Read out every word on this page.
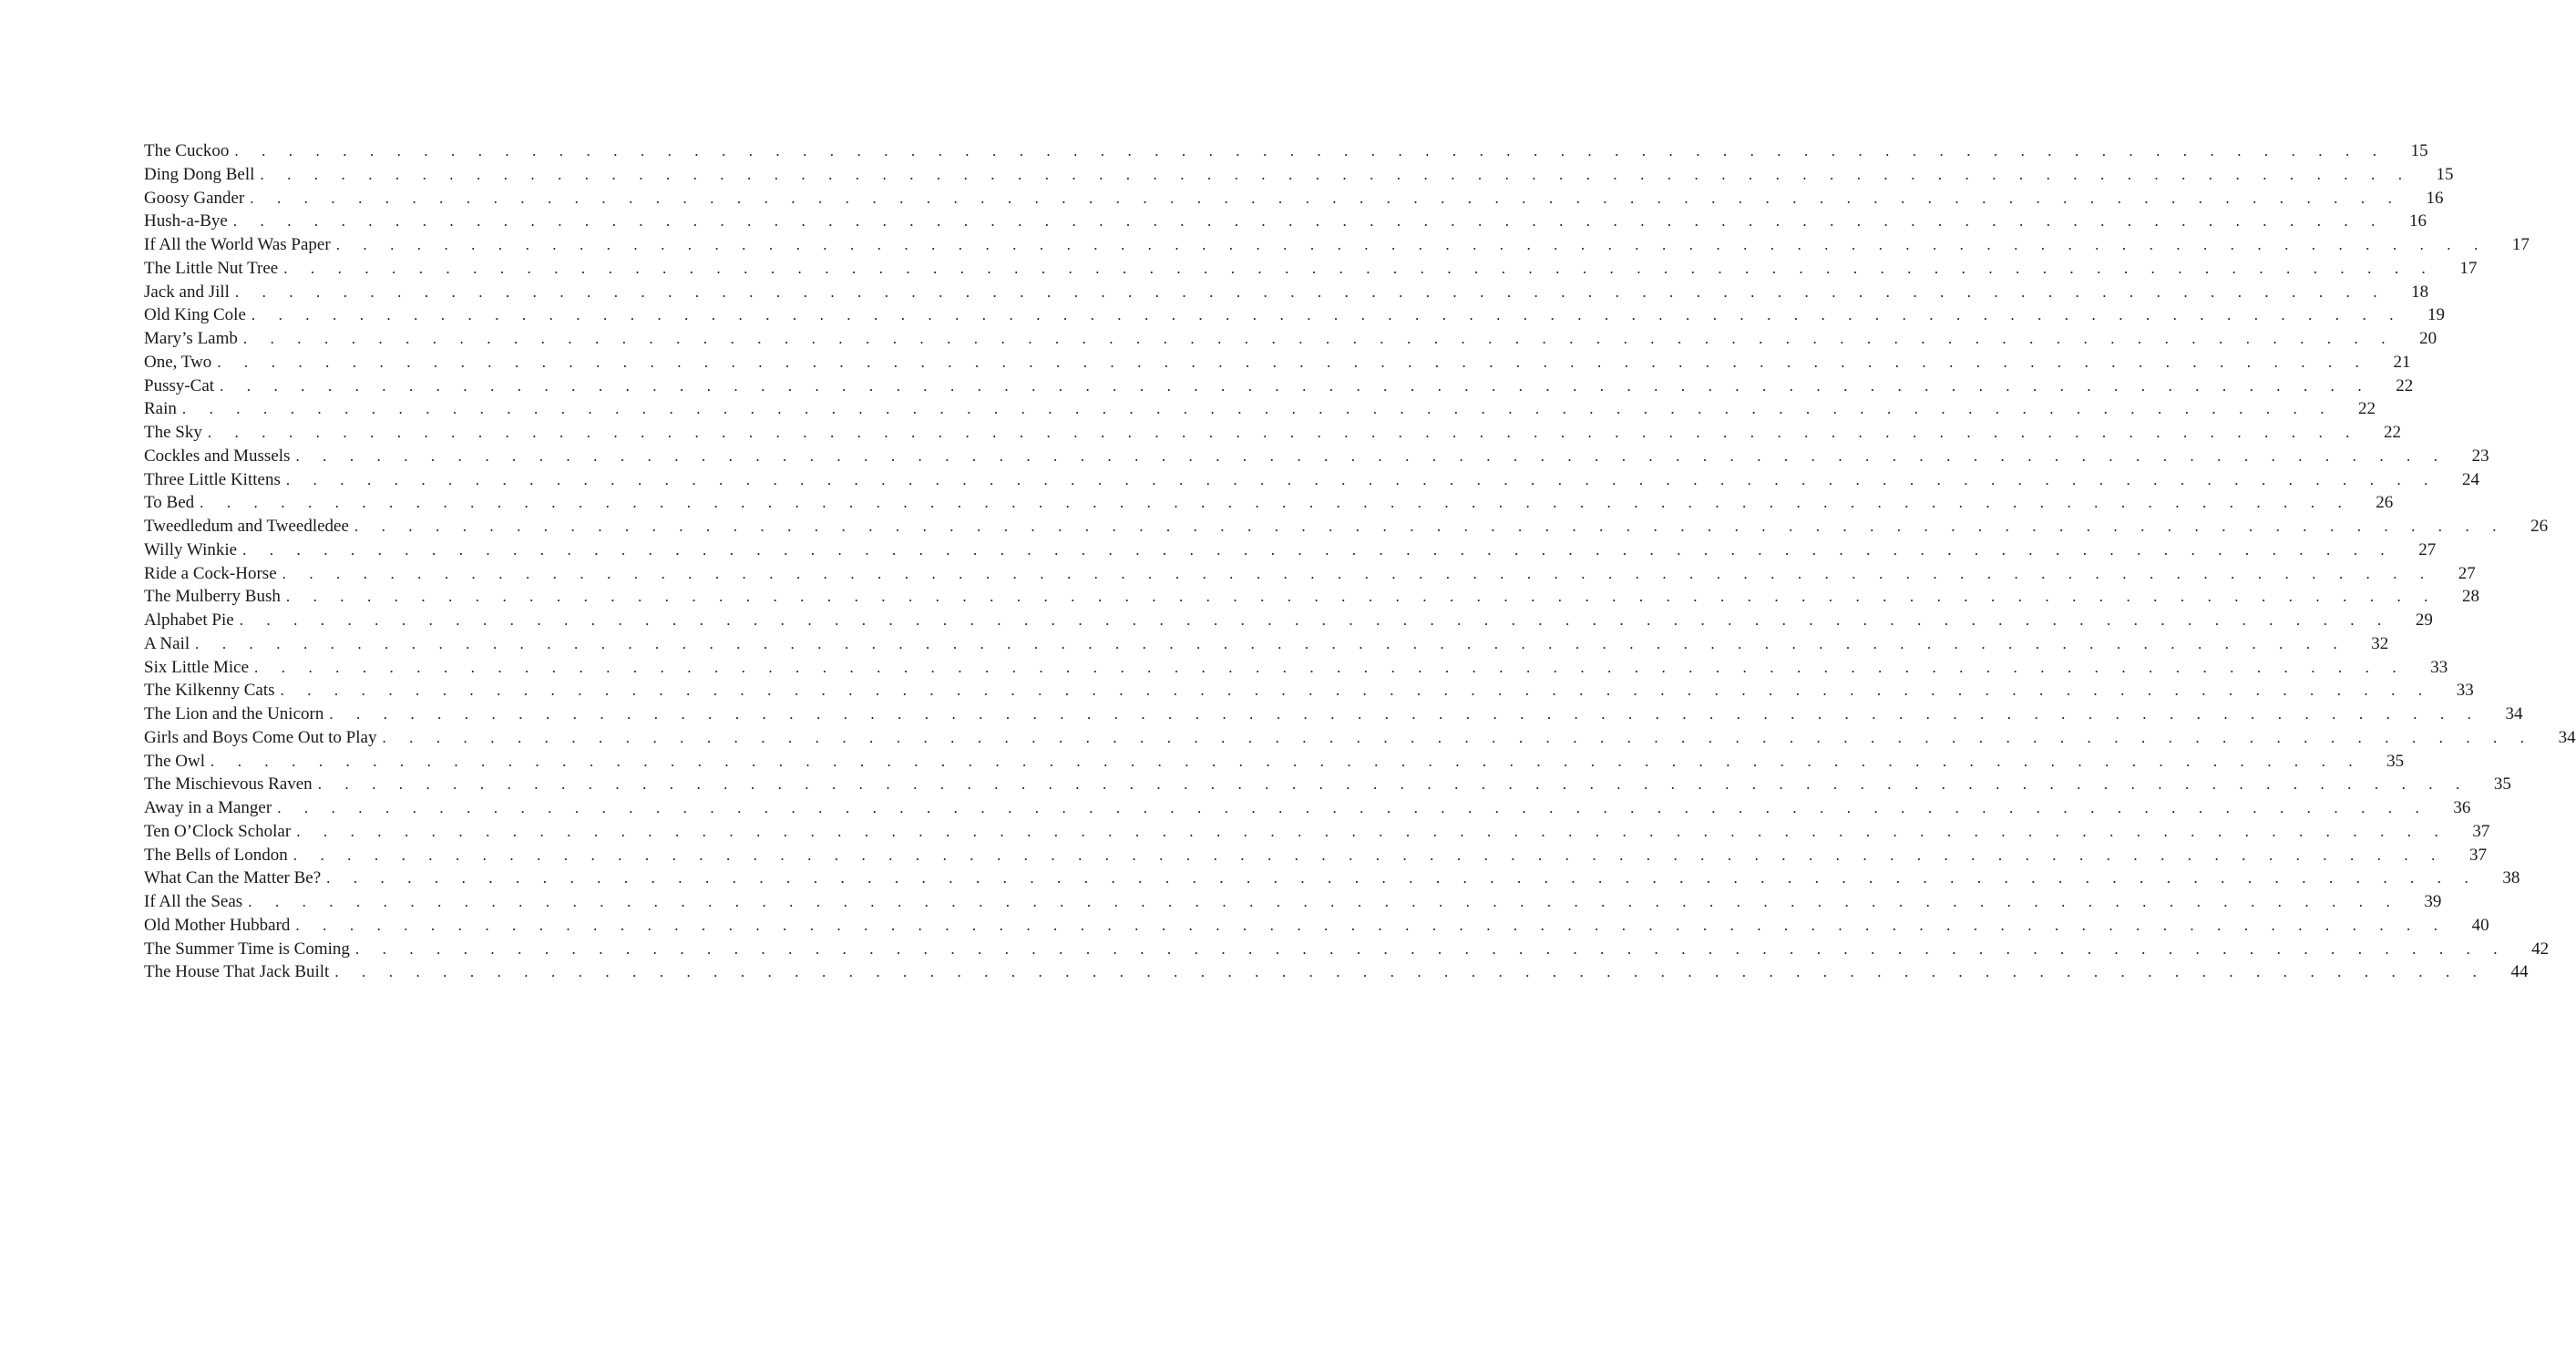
The Cuckoo . . . . . . . . . . . . . . . . . . . . . . . . . . . . . . . . . . . . . . . . . . . . . . . . . . . . . . . . . . . . . . . . . . . . . . . . . . . . . . . .	15
Ding Dong Bell . . . . . . . . . . . . . . . . . . . . . . . . . . . . . . . . . . . . . . . . . . . . . . . . . . . . . . . . . . . . . . . . . . . . . . . . . . . . . . . .	15
Goosy Gander . . . . . . . . . . . . . . . . . . . . . . . . . . . . . . . . . . . . . . . . . . . . . . . . . . . . . . . . . . . . . . . . . . . . . . . . . . . . . . . .	16
Hush-a-Bye . . . . . . . . . . . . . . . . . . . . . . . . . . . . . . . . . . . . . . . . . . . . . . . . . . . . . . . . . . . . . . . . . . . . . . . . . . . . . . . .	16
If All the World Was Paper . . . . . . . . . . . . . . . . . . . . . . . . . . . . . . . . . . . . . . . . . . . . . . . . . . . . . . . . . . . . . . . . . . . . . . . . . . . . . . . .	17
The Little Nut Tree . . . . . . . . . . . . . . . . . . . . . . . . . . . . . . . . . . . . . . . . . . . . . . . . . . . . . . . . . . . . . . . . . . . . . . . . . . . . . . . .	17
Jack and Jill . . . . . . . . . . . . . . . . . . . . . . . . . . . . . . . . . . . . . . . . . . . . . . . . . . . . . . . . . . . . . . . . . . . . . . . . . . . . . . . .	18
Old King Cole . . . . . . . . . . . . . . . . . . . . . . . . . . . . . . . . . . . . . . . . . . . . . . . . . . . . . . . . . . . . . . . . . . . . . . . . . . . . . . . .	19
Mary’s Lamb . . . . . . . . . . . . . . . . . . . . . . . . . . . . . . . . . . . . . . . . . . . . . . . . . . . . . . . . . . . . . . . . . . . . . . . . . . . . . . . .	20
One, Two . . . . . . . . . . . . . . . . . . . . . . . . . . . . . . . . . . . . . . . . . . . . . . . . . . . . . . . . . . . . . . . . . . . . . . . . . . . . . . . .	21
Pussy-Cat . . . . . . . . . . . . . . . . . . . . . . . . . . . . . . . . . . . . . . . . . . . . . . . . . . . . . . . . . . . . . . . . . . . . . . . . . . . . . . . .	22
Rain . . . . . . . . . . . . . . . . . . . . . . . . . . . . . . . . . . . . . . . . . . . . . . . . . . . . . . . . . . . . . . . . . . . . . . . . . . . . . . . .	22
The Sky . . . . . . . . . . . . . . . . . . . . . . . . . . . . . . . . . . . . . . . . . . . . . . . . . . . . . . . . . . . . . . . . . . . . . . . . . . . . . . . .	22
Cockles and Mussels . . . . . . . . . . . . . . . . . . . . . . . . . . . . . . . . . . . . . . . . . . . . . . . . . . . . . . . . . . . . . . . . . . . . . . . . . . . . . . . .	23
Three Little Kittens . . . . . . . . . . . . . . . . . . . . . . . . . . . . . . . . . . . . . . . . . . . . . . . . . . . . . . . . . . . . . . . . . . . . . . . . . . . . . . . .	24
To Bed . . . . . . . . . . . . . . . . . . . . . . . . . . . . . . . . . . . . . . . . . . . . . . . . . . . . . . . . . . . . . . . . . . . . . . . . . . . . . . . .	26
Tweedledum and Tweedledee . . . . . . . . . . . . . . . . . . . . . . . . . . . . . . . . . . . . . . . . . . . . . . . . . . . . . . . . . . . . . . . . . . . . . . . . . . . . . . . .	26
Willy Winkie . . . . . . . . . . . . . . . . . . . . . . . . . . . . . . . . . . . . . . . . . . . . . . . . . . . . . . . . . . . . . . . . . . . . . . . . . . . . . . . .	27
Ride a Cock-Horse . . . . . . . . . . . . . . . . . . . . . . . . . . . . . . . . . . . . . . . . . . . . . . . . . . . . . . . . . . . . . . . . . . . . . . . . . . . . . . . .	27
The Mulberry Bush . . . . . . . . . . . . . . . . . . . . . . . . . . . . . . . . . . . . . . . . . . . . . . . . . . . . . . . . . . . . . . . . . . . . . . . . . . . . . . . .	28
Alphabet Pie . . . . . . . . . . . . . . . . . . . . . . . . . . . . . . . . . . . . . . . . . . . . . . . . . . . . . . . . . . . . . . . . . . . . . . . . . . . . . . . .	29
A Nail . . . . . . . . . . . . . . . . . . . . . . . . . . . . . . . . . . . . . . . . . . . . . . . . . . . . . . . . . . . . . . . . . . . . . . . . . . . . . . . .	32
Six Little Mice . . . . . . . . . . . . . . . . . . . . . . . . . . . . . . . . . . . . . . . . . . . . . . . . . . . . . . . . . . . . . . . . . . . . . . . . . . . . . . . .	33
The Kilkenny Cats . . . . . . . . . . . . . . . . . . . . . . . . . . . . . . . . . . . . . . . . . . . . . . . . . . . . . . . . . . . . . . . . . . . . . . . . . . . . . . . .	33
The Lion and the Unicorn . . . . . . . . . . . . . . . . . . . . . . . . . . . . . . . . . . . . . . . . . . . . . . . . . . . . . . . . . . . . . . . . . . . . . . . . . . . . . . . .	34
Girls and Boys Come Out to Play . . . . . . . . . . . . . . . . . . . . . . . . . . . . . . . . . . . . . . . . . . . . . . . . . . . . . . . . . . . . . . . . . . . . . . . . . . . . . . . .	34
The Owl . . . . . . . . . . . . . . . . . . . . . . . . . . . . . . . . . . . . . . . . . . . . . . . . . . . . . . . . . . . . . . . . . . . . . . . . . . . . . . . .	35
The Mischievous Raven . . . . . . . . . . . . . . . . . . . . . . . . . . . . . . . . . . . . . . . . . . . . . . . . . . . . . . . . . . . . . . . . . . . . . . . . . . . . . . . .	35
Away in a Manger . . . . . . . . . . . . . . . . . . . . . . . . . . . . . . . . . . . . . . . . . . . . . . . . . . . . . . . . . . . . . . . . . . . . . . . . . . . . . . . .	36
Ten O’Clock Scholar . . . . . . . . . . . . . . . . . . . . . . . . . . . . . . . . . . . . . . . . . . . . . . . . . . . . . . . . . . . . . . . . . . . . . . . . . . . . . . . .	37
The Bells of London . . . . . . . . . . . . . . . . . . . . . . . . . . . . . . . . . . . . . . . . . . . . . . . . . . . . . . . . . . . . . . . . . . . . . . . . . . . . . . . .	37
What Can the Matter Be? . . . . . . . . . . . . . . . . . . . . . . . . . . . . . . . . . . . . . . . . . . . . . . . . . . . . . . . . . . . . . . . . . . . . . . . . . . . . . . . .	38
If All the Seas . . . . . . . . . . . . . . . . . . . . . . . . . . . . . . . . . . . . . . . . . . . . . . . . . . . . . . . . . . . . . . . . . . . . . . . . . . . . . . . .	39
Old Mother Hubbard . . . . . . . . . . . . . . . . . . . . . . . . . . . . . . . . . . . . . . . . . . . . . . . . . . . . . . . . . . . . . . . . . . . . . . . . . . . . . . . .	40
The Summer Time is Coming . . . . . . . . . . . . . . . . . . . . . . . . . . . . . . . . . . . . . . . . . . . . . . . . . . . . . . . . . . . . . . . . . . . . . . . . . . . . . . . .	42
The House That Jack Built . . . . . . . . . . . . . . . . . . . . . . . . . . . . . . . . . . . . . . . . . . . . . . . . . . . . . . . . . . . . . . . . . . . . . . . . . . . . . . . .	44
